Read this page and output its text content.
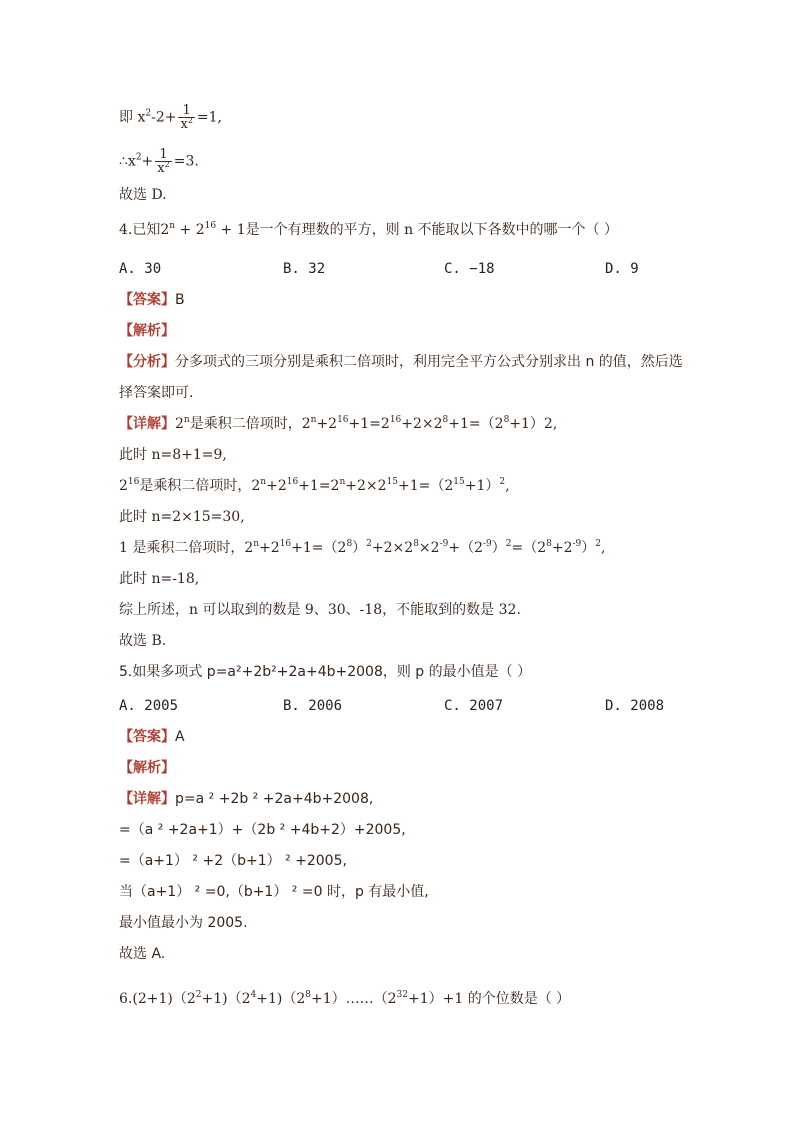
即 $x^2-2+ \frac{1}{x^2} =1$,
$\therefore x^2+ \frac{1}{x^2} =3$.
故选 D.
4.已知$2^n + 2^{16} + 1$是一个有理数的平方，则 n 不能取以下各数中的哪一个（ ）
A. 30	B. 32	C. −18	D. 9
【答案】B
【解析】
【分析】分多项式的三项分别是乘积二倍项时，利用完全平方公式分别求出 n 的值，然后选
择答案即可.
【详解】2$^n$是乘积二倍项时，$2^n+2^{16}+1=2^{16}+2\times 2^8+1=(2^8+1)2$,
此时 n=8+1=9,
$2^{16}$是乘积二倍项时，$2^n+2^{16}+1=2^n+2\times 2^{15}+1=(2^{15}+1)^2$,
此时 n=2×15=30,
1 是乘积二倍项时，$2^n+2^{16}+1=(2^8)^2+2\times 2^8\times 2^{-9}+(2^{-9})^2=(2^8+2^{-9})^2$,
此时 n=-18,
综上所述，n 可以取到的数是 9、30、-18，不能取到的数是 32.
故选 B.
5.如果多项式 p=a²+2b²+2a+4b+2008，则 p 的最小值是（ ）
A. 2005	B. 2006	C. 2007	D. 2008
【答案】A
【解析】
【详解】p=a ² +2b ² +2a+4b+2008,
=（a ² +2a+1）+（2b ² +4b+2）+2005,
=（a+1） ² +2（b+1） ² +2005,
当（a+1） ² =0,（b+1） ² =0 时，p 有最小值,
最小值最小为 2005.
故选 A.
$6.(2+1)(2^2+1)(2^4+1)(2^8+1)\dots\dots(2^{32}+1)+1$ 的个位数是（ ）
